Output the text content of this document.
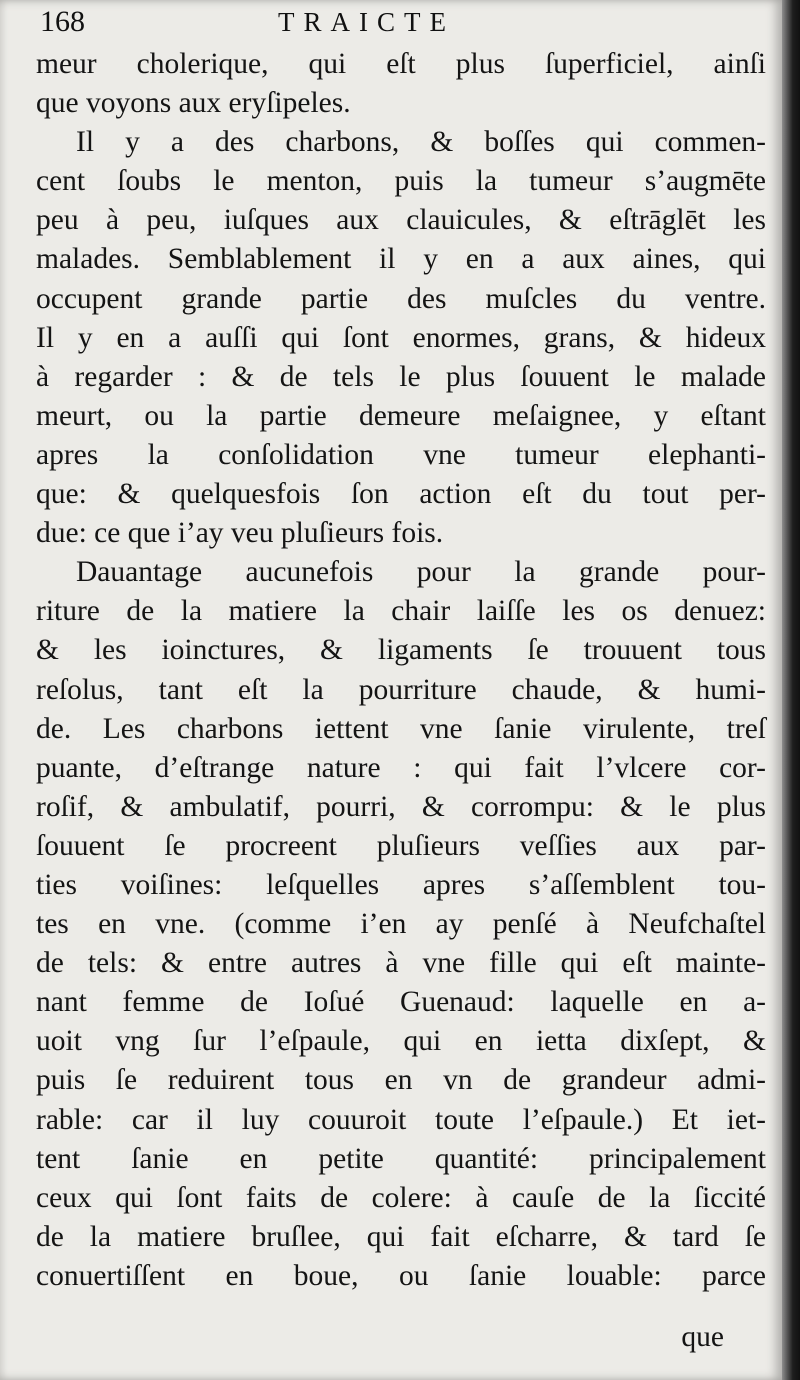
168	TRAICTE
meur cholerique, qui eſt plus ſuperficiel, ainſi
que voyons aux eryſipeles.
Il y a des charbons, & boſſes qui commen-
cent ſoubs le menton, puis la tumeur s’augmēte
peu à peu, iuſques aux clauicules, & eſtrāglēt les
malades. Semblablement il y en a aux aines, qui
occupent grande partie des muſcles du ventre.
Il y en a auſſi qui ſont enormes, grans, & hideux
à regarder : & de tels le plus ſouuent le malade
meurt, ou la partie demeure meſaignee, y eſtant
apres la conſolidation vne tumeur elephanti-
que: & quelquesfois ſon action eſt du tout per-
due: ce que i’ay veu pluſieurs fois.
Dauantage aucunefois pour la grande pour-
riture de la matiere la chair laiſſe les os denuez:
& les ioinctures, & ligaments ſe trouuent tous
reſolus, tant eſt la pourriture chaude, & humi-
de. Les charbons iettent vne ſanie virulente, treſ
puante, d’eſtrange nature : qui fait l’vlcere cor-
roſif, & ambulatif, pourri, & corrompu: & le plus
ſouuent ſe procreent pluſieurs veſſies aux par-
ties voiſines: leſquelles apres s’aſſemblent tou-
tes en vne. (comme i’en ay penſé à Neufchaſtel
de tels: & entre autres à vne fille qui eſt mainte-
nant femme de Ioſué Guenaud: laquelle en a-
uoit vng ſur l’eſpaule, qui en ietta dixſept, &
puis ſe reduirent tous en vn de grandeur admi-
rable: car il luy couuroit toute l’eſpaule.) Et iet-
tent ſanie en petite quantité: principalement
ceux qui ſont faits de colere: à cauſe de la ſiccité
de la matiere bruſlee, qui fait eſcharre, & tard ſe
conuertiſſent en boue, ou ſanie louable: parce
que
